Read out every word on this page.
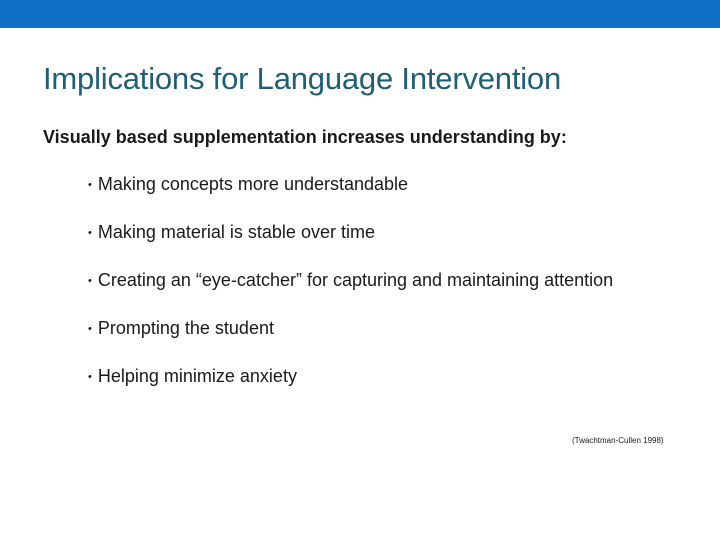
Implications for Language Intervention

Visually based supplementation increases understanding by:

• Making concepts more understandable
• Making material is stable over time
• Creating an “eye-catcher” for capturing and maintaining attention
• Prompting the student
• Helping minimize anxiety
(Twachtman-Cullen 1998)
